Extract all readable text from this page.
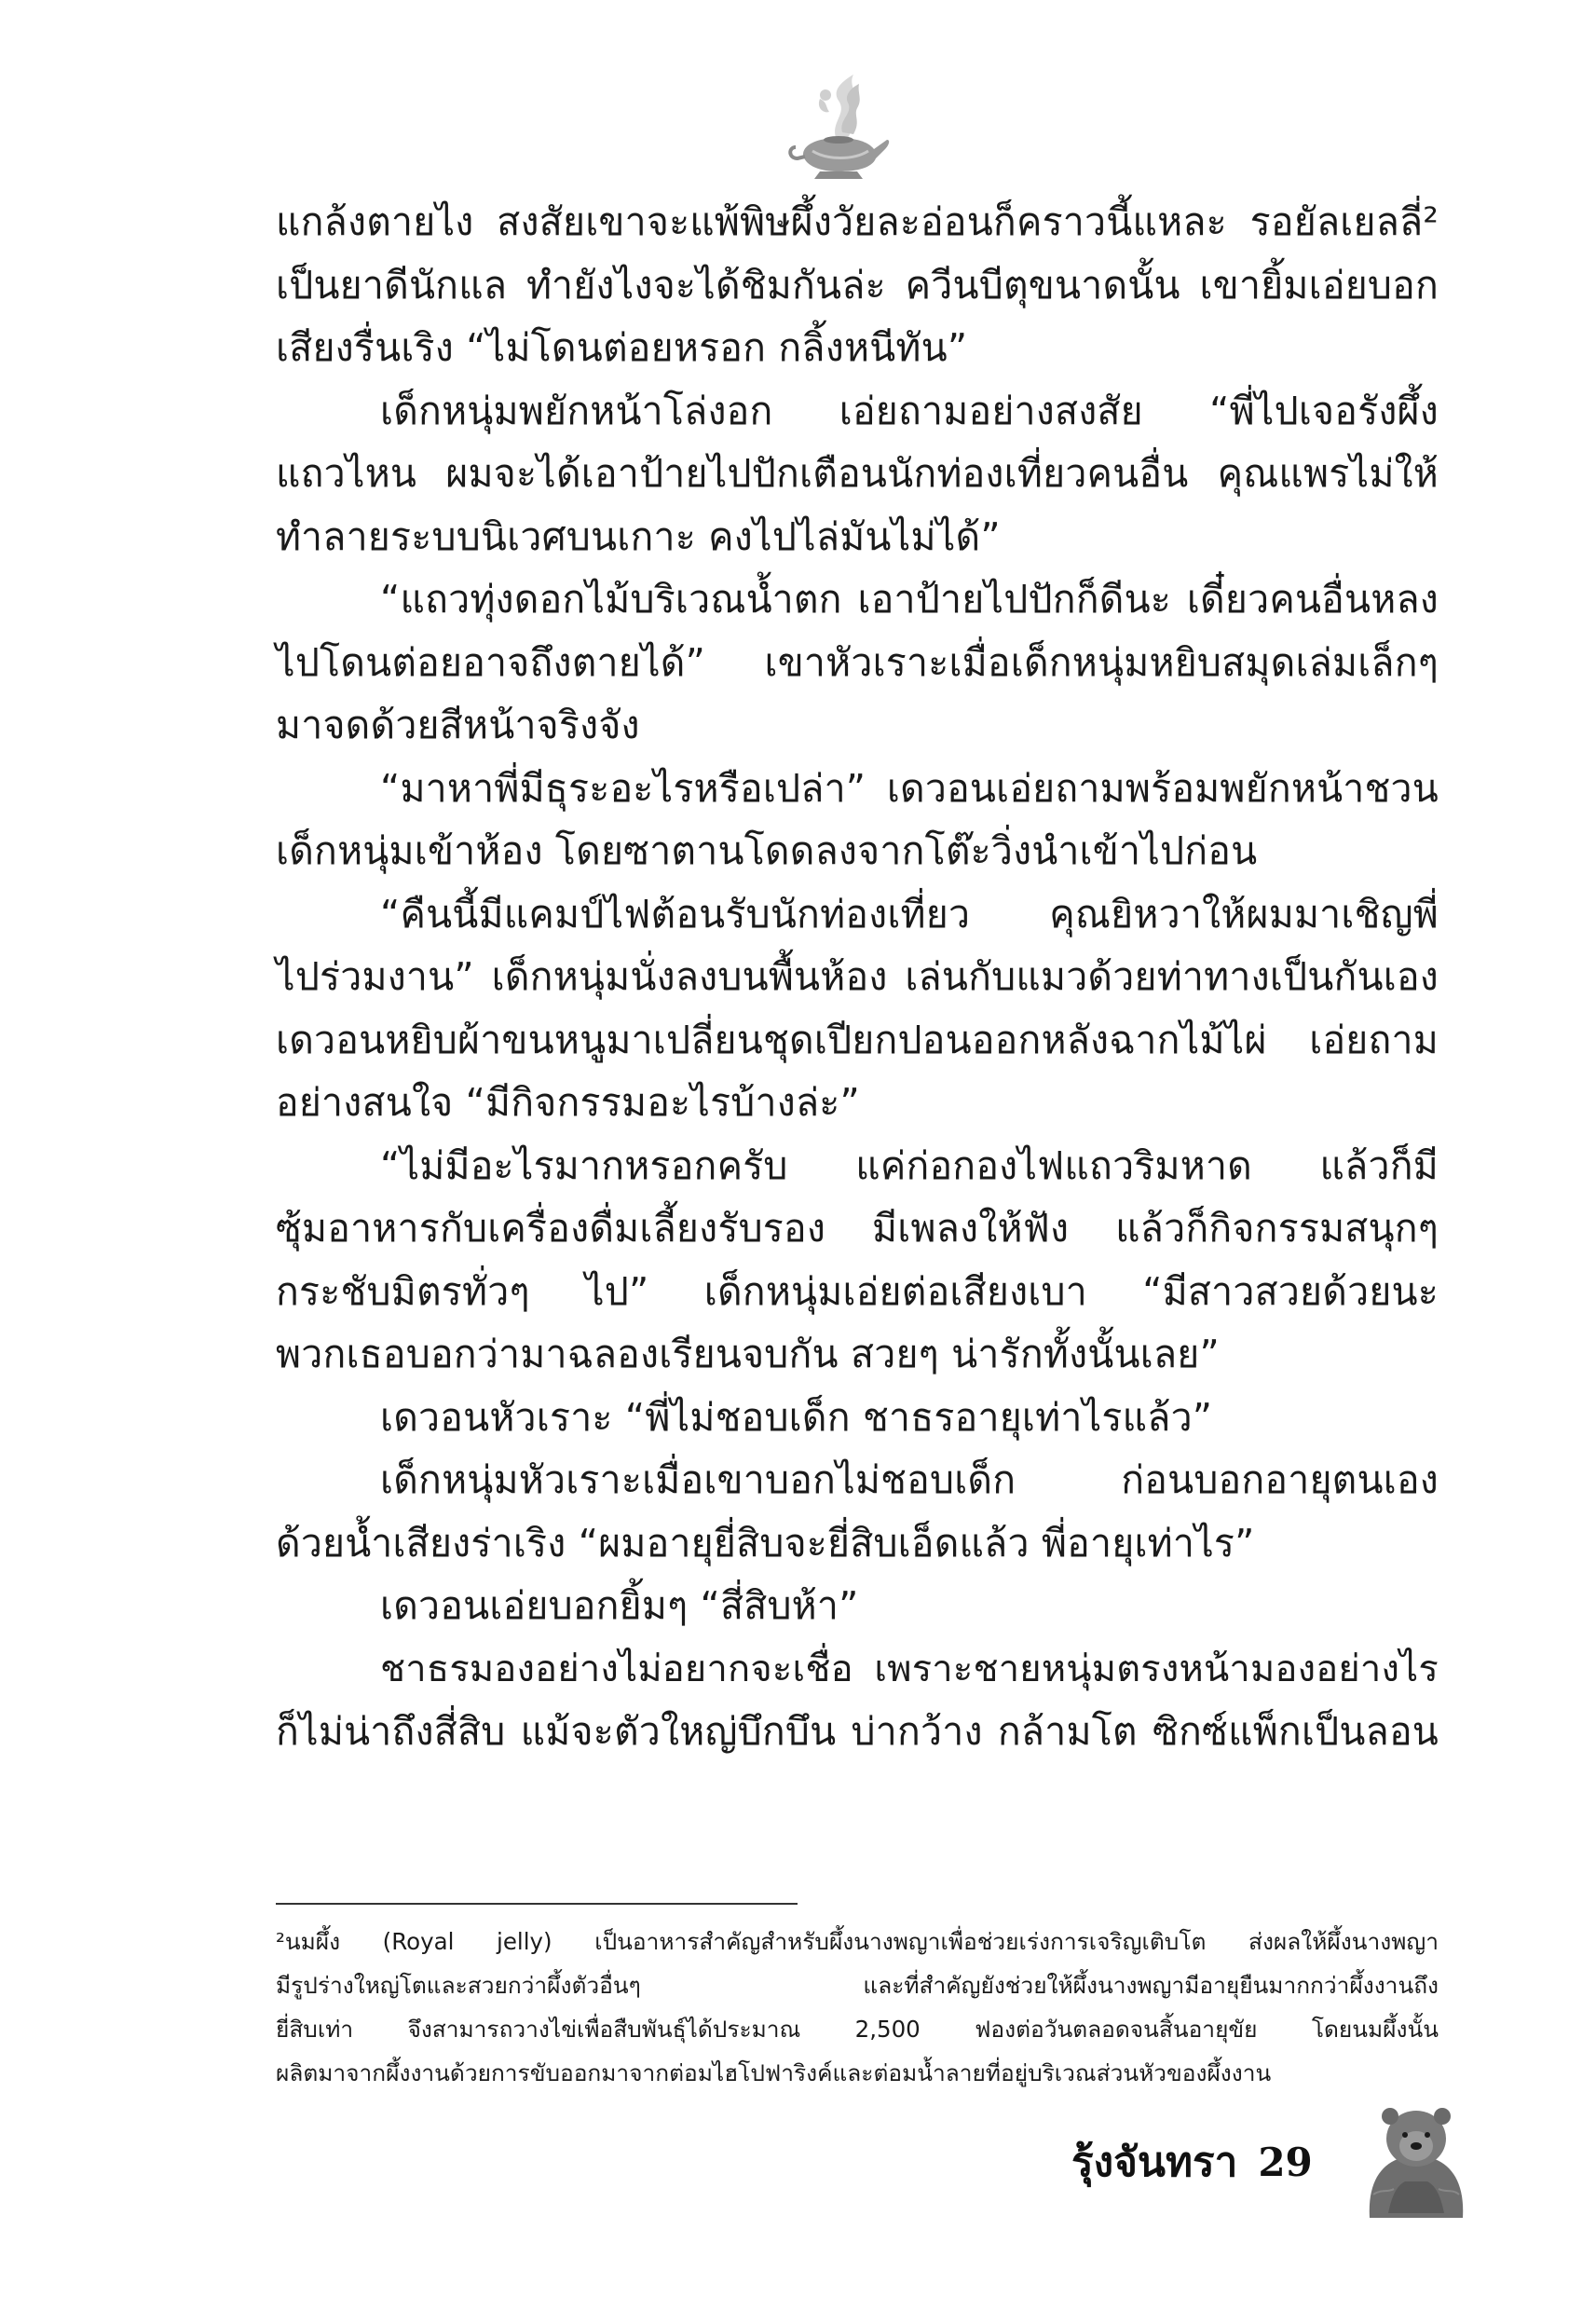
แกล้งตายไง สงสัยเขาจะแพ้พิษผึ้งวัยละอ่อนก็คราวนี้แหละ รอยัลเยลลี่²
เป็นยาดีนักแล ทำยังไงจะได้ชิมกันล่ะ ควีนบีตุขนาดนั้น เขายิ้มเอ่ยบอก
เสียงรื่นเริง “ไม่โดนต่อยหรอก กลิ้งหนีทัน”
เด็กหนุ่มพยักหน้าโล่งอก เอ่ยถามอย่างสงสัย “พี่ไปเจอรังผึ้ง
แถวไหน ผมจะได้เอาป้ายไปปักเตือนนักท่องเที่ยวคนอื่น คุณแพรไม่ให้
ทำลายระบบนิเวศบนเกาะ คงไปไล่มันไม่ได้”
“แถวทุ่งดอกไม้บริเวณน้ำตก เอาป้ายไปปักก็ดีนะ เดี๋ยวคนอื่นหลง
ไปโดนต่อยอาจถึงตายได้” เขาหัวเราะเมื่อเด็กหนุ่มหยิบสมุดเล่มเล็กๆ
มาจดด้วยสีหน้าจริงจัง
“มาหาพี่มีธุระอะไรหรือเปล่า” เดวอนเอ่ยถามพร้อมพยักหน้าชวน
เด็กหนุ่มเข้าห้อง โดยซาตานโดดลงจากโต๊ะวิ่งนำเข้าไปก่อน
“คืนนี้มีแคมป์ไฟต้อนรับนักท่องเที่ยว คุณยิหวาให้ผมมาเชิญพี่
ไปร่วมงาน” เด็กหนุ่มนั่งลงบนพื้นห้อง เล่นกับแมวด้วยท่าทางเป็นกันเอง
เดวอนหยิบผ้าขนหนูมาเปลี่ยนชุดเปียกปอนออกหลังฉากไม้ไผ่ เอ่ยถาม
อย่างสนใจ “มีกิจกรรมอะไรบ้างล่ะ”
“ไม่มีอะไรมากหรอกครับ แค่ก่อกองไฟแถวริมหาด แล้วก็มี
ซุ้มอาหารกับเครื่องดื่มเลี้ยงรับรอง มีเพลงให้ฟัง แล้วก็กิจกรรมสนุกๆ
กระชับมิตรทั่วๆ ไป” เด็กหนุ่มเอ่ยต่อเสียงเบา “มีสาวสวยด้วยนะ
พวกเธอบอกว่ามาฉลองเรียนจบกัน สวยๆ น่ารักทั้งนั้นเลย”
เดวอนหัวเราะ “พี่ไม่ชอบเด็ก ชาธรอายุเท่าไรแล้ว”
เด็กหนุ่มหัวเราะเมื่อเขาบอกไม่ชอบเด็ก ก่อนบอกอายุตนเอง
ด้วยน้ำเสียงร่าเริง “ผมอายุยี่สิบจะยี่สิบเอ็ดแล้ว พี่อายุเท่าไร”
เดวอนเอ่ยบอกยิ้มๆ “สี่สิบห้า”
ชาธรมองอย่างไม่อยากจะเชื่อ เพราะชายหนุ่มตรงหน้ามองอย่างไร
ก็ไม่น่าถึงสี่สิบ แม้จะตัวใหญ่บึกบึน บ่ากว้าง กล้ามโต ซิกซ์แพ็กเป็นลอน
²นมผึ้ง (Royal jelly) เป็นอาหารสำคัญสำหรับผึ้งนางพญาเพื่อช่วยเร่งการเจริญเติบโต ส่งผลให้ผึ้งนางพญา
มีรูปร่างใหญ่โตและสวยกว่าผึ้งตัวอื่นๆ และที่สำคัญยังช่วยให้ผึ้งนางพญามีอายุยืนมากกว่าผึ้งงานถึง
ยี่สิบเท่า จึงสามารถวางไข่เพื่อสืบพันธุ์ได้ประมาณ 2,500 ฟองต่อวันตลอดจนสิ้นอายุขัย โดยนมผึ้งนั้น
ผลิตมาจากผึ้งงานด้วยการขับออกมาจากต่อมไฮโปฟาริงค์และต่อมน้ำลายที่อยู่บริเวณส่วนหัวของผึ้งงาน
รุ้งจันทรา 29
